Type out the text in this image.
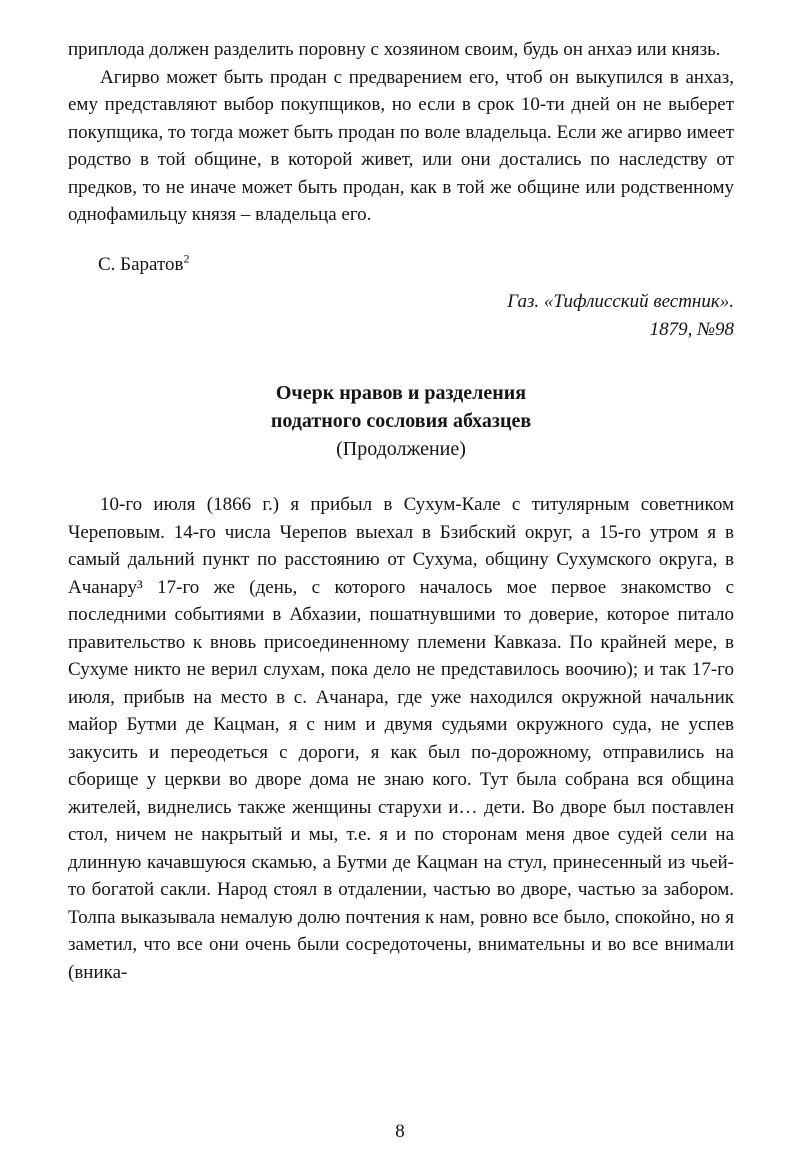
приплода должен разделить поровну с хозяином своим, будь он анхаэ или князь.

Агирво может быть продан с предварением его, чтоб он выкупился в анхаз, ему представляют выбор покупщиков, но если в срок 10-ти дней он не выберет покупщика, то тогда может быть продан по воле владельца. Если же агирво имеет родство в той общине, в которой живет, или они достались по наследству от предков, то не иначе может быть продан, как в той же общине или родственному однофамильцу князя – владельца его.

С. Баратов$^2$

Газ. «Тифлисский вестник».

1879, №98

Очерк нравов и разделения

податного сословия абхазцев

(Продолжение)

10-го июля (1866 г.) я прибыл в Сухум-Кале с титулярным советником Череповым. 14-го числа Черепов выехал в Бзибский округ, а 15-го утром я в самый дальний пункт по расстоянию от Сухума, общину Сухумского округа, в Ачанару³ 17-го же (день, с которого началось мое первое знакомство с последними событиями в Абхазии, пошатнувшими то доверие, которое питало правительство к вновь присоединенному племени Кавказа. По крайней мере, в Сухуме никто не верил слухам, пока дело не представилось воочию); и так 17-го июля, прибыв на место в с. Ачанара, где уже находился окружной начальник майор Бутми де Кацман, я с ним и двумя судьями окружного суда, не успев закусить и переодеться с дороги, я как был по-дорожному, отправились на сборище у церкви во дворе дома не знаю кого. Тут была собрана вся община жителей, виднелись также женщины старухи и… дети. Во дворе был поставлен стол, ничем не накрытый и мы, т.е. я и по сторонам меня двое судей сели на длинную качавшуюся скамью, а Бутми де Кацман на стул, принесенный из чьей-то богатой сакли. Народ стоял в отдалении, частью во дворе, частью за забором. Толпа выказывала немалую долю почтения к нам, ровно все было, спокойно, но я заметил, что все они очень были сосредоточены, внимательны и во все внимали (вника-

8
